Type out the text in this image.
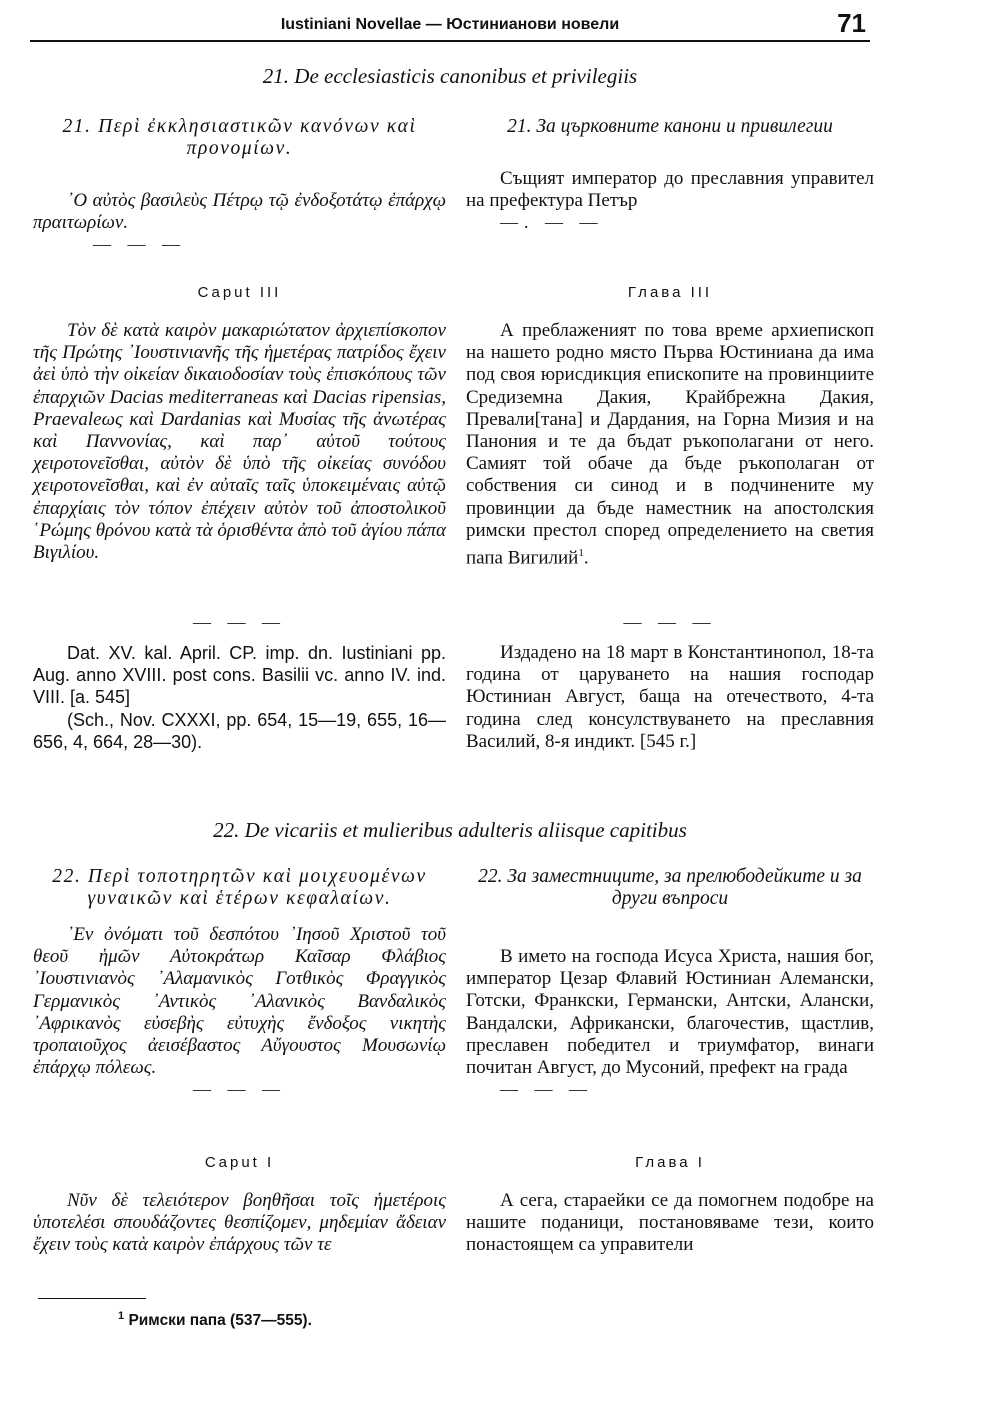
Iustiniani Novellae — Юстинианови новели	71
21. De ecclesiasticis canonibus et privilegiis
21. Περὶ ἐκκλησιαστικῶν κανόνων καὶ προνομίων.
᾿Ο αὐτὸς βασιλεὺς Πέτρῳ τῷ ἐνδοξοτάτῳ ἐπάρχῳ πραιτωρίων.
— — —
21. За църковните канони и привилегии
Същият император до преславния управител на префектура Петър
—. — —
Caput III	Глава III
Τὸν δὲ κατὰ καιρὸν μακαριώτατον ἀρχιεπίσκοπον τῆς Πρώτης ᾿Ιουστινιανῆς τῆς ἡμετέρας πατρίδος ἔχειν ἀεὶ ὑπὸ τὴν οἰκείαν δικαιοδοσίαν τοὺς ἐπισκόπους τῶν ἐπαρχιῶν Dacias mediterraneas καὶ Dacias ripensias, Praevaleως καὶ Dardanias καὶ Μυσίας τῆς ἀνωτέρας καὶ Παννονίας, καὶ παρ᾿ αὐτοῦ τούτους χειροτονεῖσθαι, αὐτὸν δὲ ὑπὸ τῆς οἰκείας συνόδου χειροτονεῖσθαι, καὶ ἐν αὐταῖς ταῖς ὑποκειμέναις αὐτῷ ἐπαρχίαις τὸν τόπον ἐπέχειν αὐτὸν τοῦ ἀποστολικοῦ ῾Ρώμης θρόνου κατὰ τὰ ὁρισθέντα ἀπὸ τοῦ ἁγίου πάπα Βιγιλίου.
А преблаженият по това време архиепископ на нашето родно място Първа Юстиниана да има под своя юрисдикция епископите на провинциите Средиземна Дакия, Крайбрежна Дакия, Превали[тана] и Дардания, на Горна Мизия и на Панония и те да бъдат ръкополагани от него. Самият той обаче да бъде ръкополаган от собствения си синод и в подчинените му провинции да бъде наместник на апостолския римски престол според определението на светия папа Вигилий$^1$.
— — —	— — —
Dat. XV. kal. April. CP. imp. dn. Iustiniani pp. Aug. anno XVIII. post cons. Basilii vc. anno IV. ind. VIII. [a. 545]
(Sch., Nov. CXXXI, pp. 654, 15—19, 655, 16—656, 4, 664, 28—30).
Издадено на 18 март в Константинопол, 18-та година от царуването на нашия господар Юстиниан Август, баща на отечеството, 4-та година след консулствуването на преславния Василий, 8-я индикт. [545 г.]
22. De vicariis et mulieribus adulteris aliisque capitibus
22. Περὶ τοποτηρητῶν καὶ μοιχευομένων γυναικῶν καὶ ἑτέρων κεφαλαίων.
᾿Εν ὀνόματι τοῦ δεσπότου ᾿Ιησοῦ Χριστοῦ τοῦ θεοῦ ἡμῶν Αὐτοκράτωρ Καῖσαρ Φλάβιος ᾿Ιουστινιανὸς ᾿Αλαμανικὸς Γοτθικὸς Φραγγικὸς Γερμανικὸς ᾿Αντικὸς ᾿Αλανικὸς Βανδαλικὸς ᾿Αφρικανὸς εὐσεβὴς εὐτυχὴς ἔνδοξος νικητὴς τροπαιοῦχος ἀεισέβαστος Αὔγουστος Μουσωνίῳ ἐπάρχῳ πόλεως.
— — —
22. За заместниците, за прелюбодейките и за други въпроси
В името на господа Исуса Христа, нашия бог, император Цезар Флавий Юстиниан Алемански, Готски, Франкски, Германски, Антски, Алански, Вандалски, Африкански, благочестив, щастлив, преславен победител и триумфатор, винаги почитан Август, до Мусоний, префект на града
— — —
Caput I	Глава I
Νῦν δὲ τελειότερον βοηθῆσαι τοῖς ἡμετέροις ὑποτελέσι σπουδάζοντες θεσπίζομεν, μηδεμίαν ἄδειαν ἔχειν τοὺς κατὰ καιρὸν ἐπάρχους τῶν τε
А сега, стараейки се да помогнем подобре на нашите поданици, постановяваме тези, които понастоящем са управители
$^1$ Римски папа (537—555).
